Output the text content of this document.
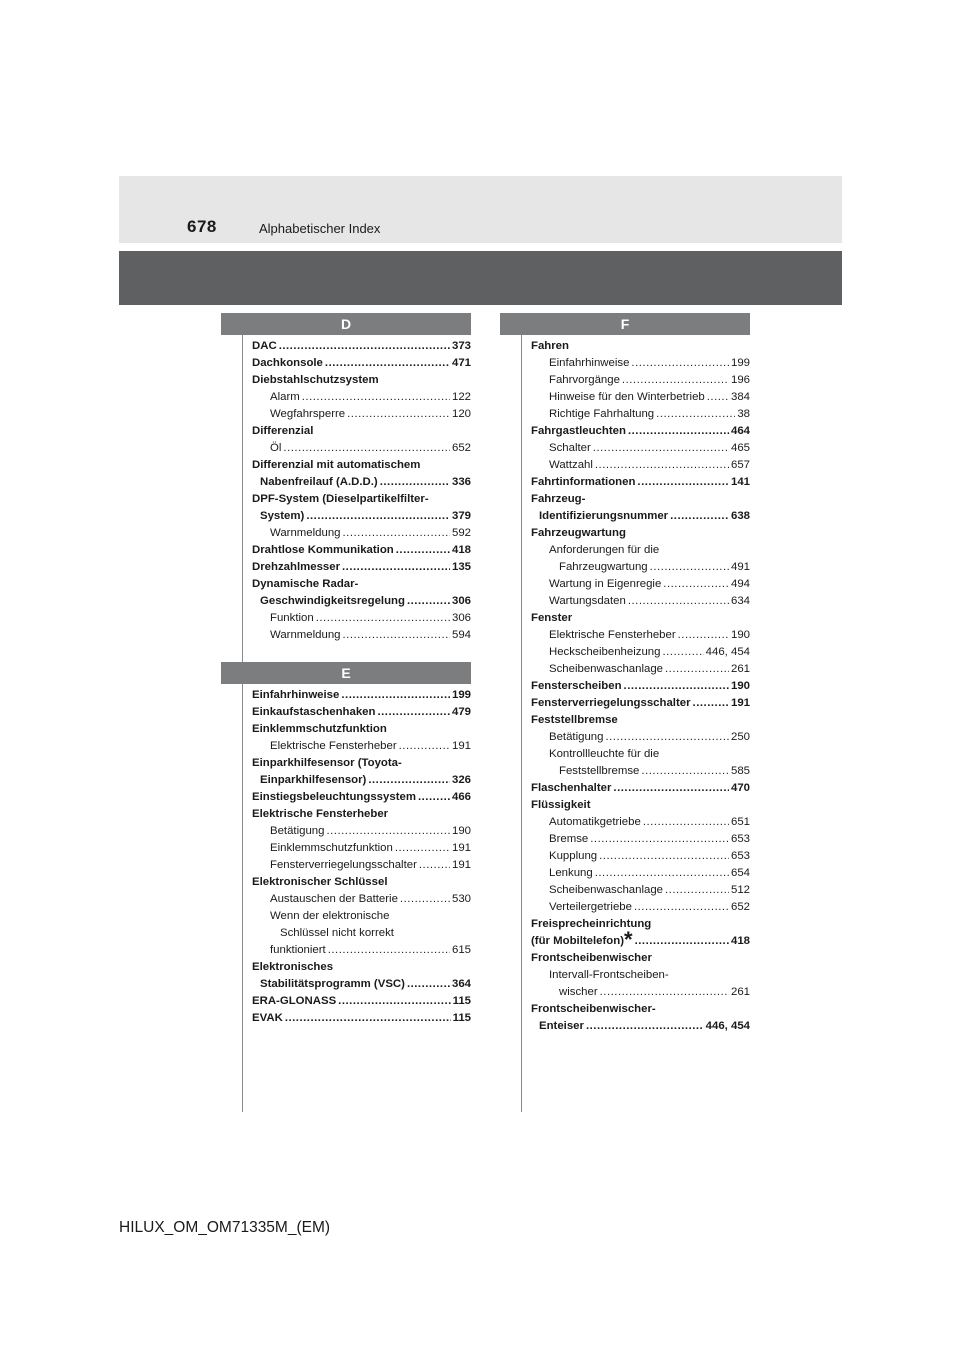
678	Alphabetischer Index
D
E
F
DAC .....	373
Dachkonsole .....	471
Diebstahlschutzsystem
Alarm .....	122
Wegfahrsperre .....	120
Differenzial
Öl .....	652
Differenzial mit automatischem
Nabenfreilauf (A.D.D.) .....	336
DPF-System (Dieselpartikelfilter-
System) .....	379
Warnmeldung .....	592
Drahtlose Kommunikation .....	418
Drehzahlmesser .....	135
Dynamische Radar-
Geschwindigkeitsregelung .....	306
Funktion .....	306
Warnmeldung .....	594
Einfahrhinweise .....	199
Einkaufstaschenhaken .....	479
Einklemmschutzfunktion
Elektrische Fensterheber .....	191
Einparkhilfesensor (Toyota-
Einparkhilfesensor) .....	326
Einstiegsbeleuchtungssystem .....	466
Elektrische Fensterheber
Betätigung .....	190
Einklemmschutzfunktion .....	191
Fensterverriegelungsschalter .....	191
Elektronischer Schlüssel
Austauschen der Batterie .....	530
Wenn der elektronische
Schlüssel nicht korrekt
funktioniert .....	615
Elektronisches
Stabilitätsprogramm (VSC) .....	364
ERA-GLONASS .....	115
EVAK .....	115
Fahren
Einfahrhinweise .....	199
Fahrvorgänge .....	196
Hinweise für den Winterbetrieb ..... 384
Richtige Fahrhaltung .....	38
Fahrgastleuchten .....	464
Schalter .....	465
Wattzahl .....	657
Fahrtinformationen .....	141
Fahrzeug-
Identifizierungsnummer .....	638
Fahrzeugwartung
Anforderungen für die
Fahrzeugwartung .....	491
Wartung in Eigenregie .....	494
Wartungsdaten .....	634
Fenster
Elektrische Fensterheber .....	190
Heckscheibenheizung .....	446, 454
Scheibenwaschanlage .....	261
Fensterscheiben .....	190
Fensterverriegelungsschalter .....	191
Feststellbremse
Betätigung .....	250
Kontrollleuchte für die
Feststellbremse .....	585
Flaschenhalter .....	470
Flüssigkeit
Automatikgetriebe .....	651
Bremse .....	653
Kupplung .....	653
Lenkung .....	654
Scheibenwaschanlage .....	512
Verteilergetriebe .....	652
Freisprecheinrichtung
(für Mobiltelefon) * .....	418
Frontscheibenwischer
Intervall-Frontscheiben-
wischer .....	261
Frontscheibenwischer-
Enteiser .....	446, 454
HILUX_OM_OM71335M_(EM)
